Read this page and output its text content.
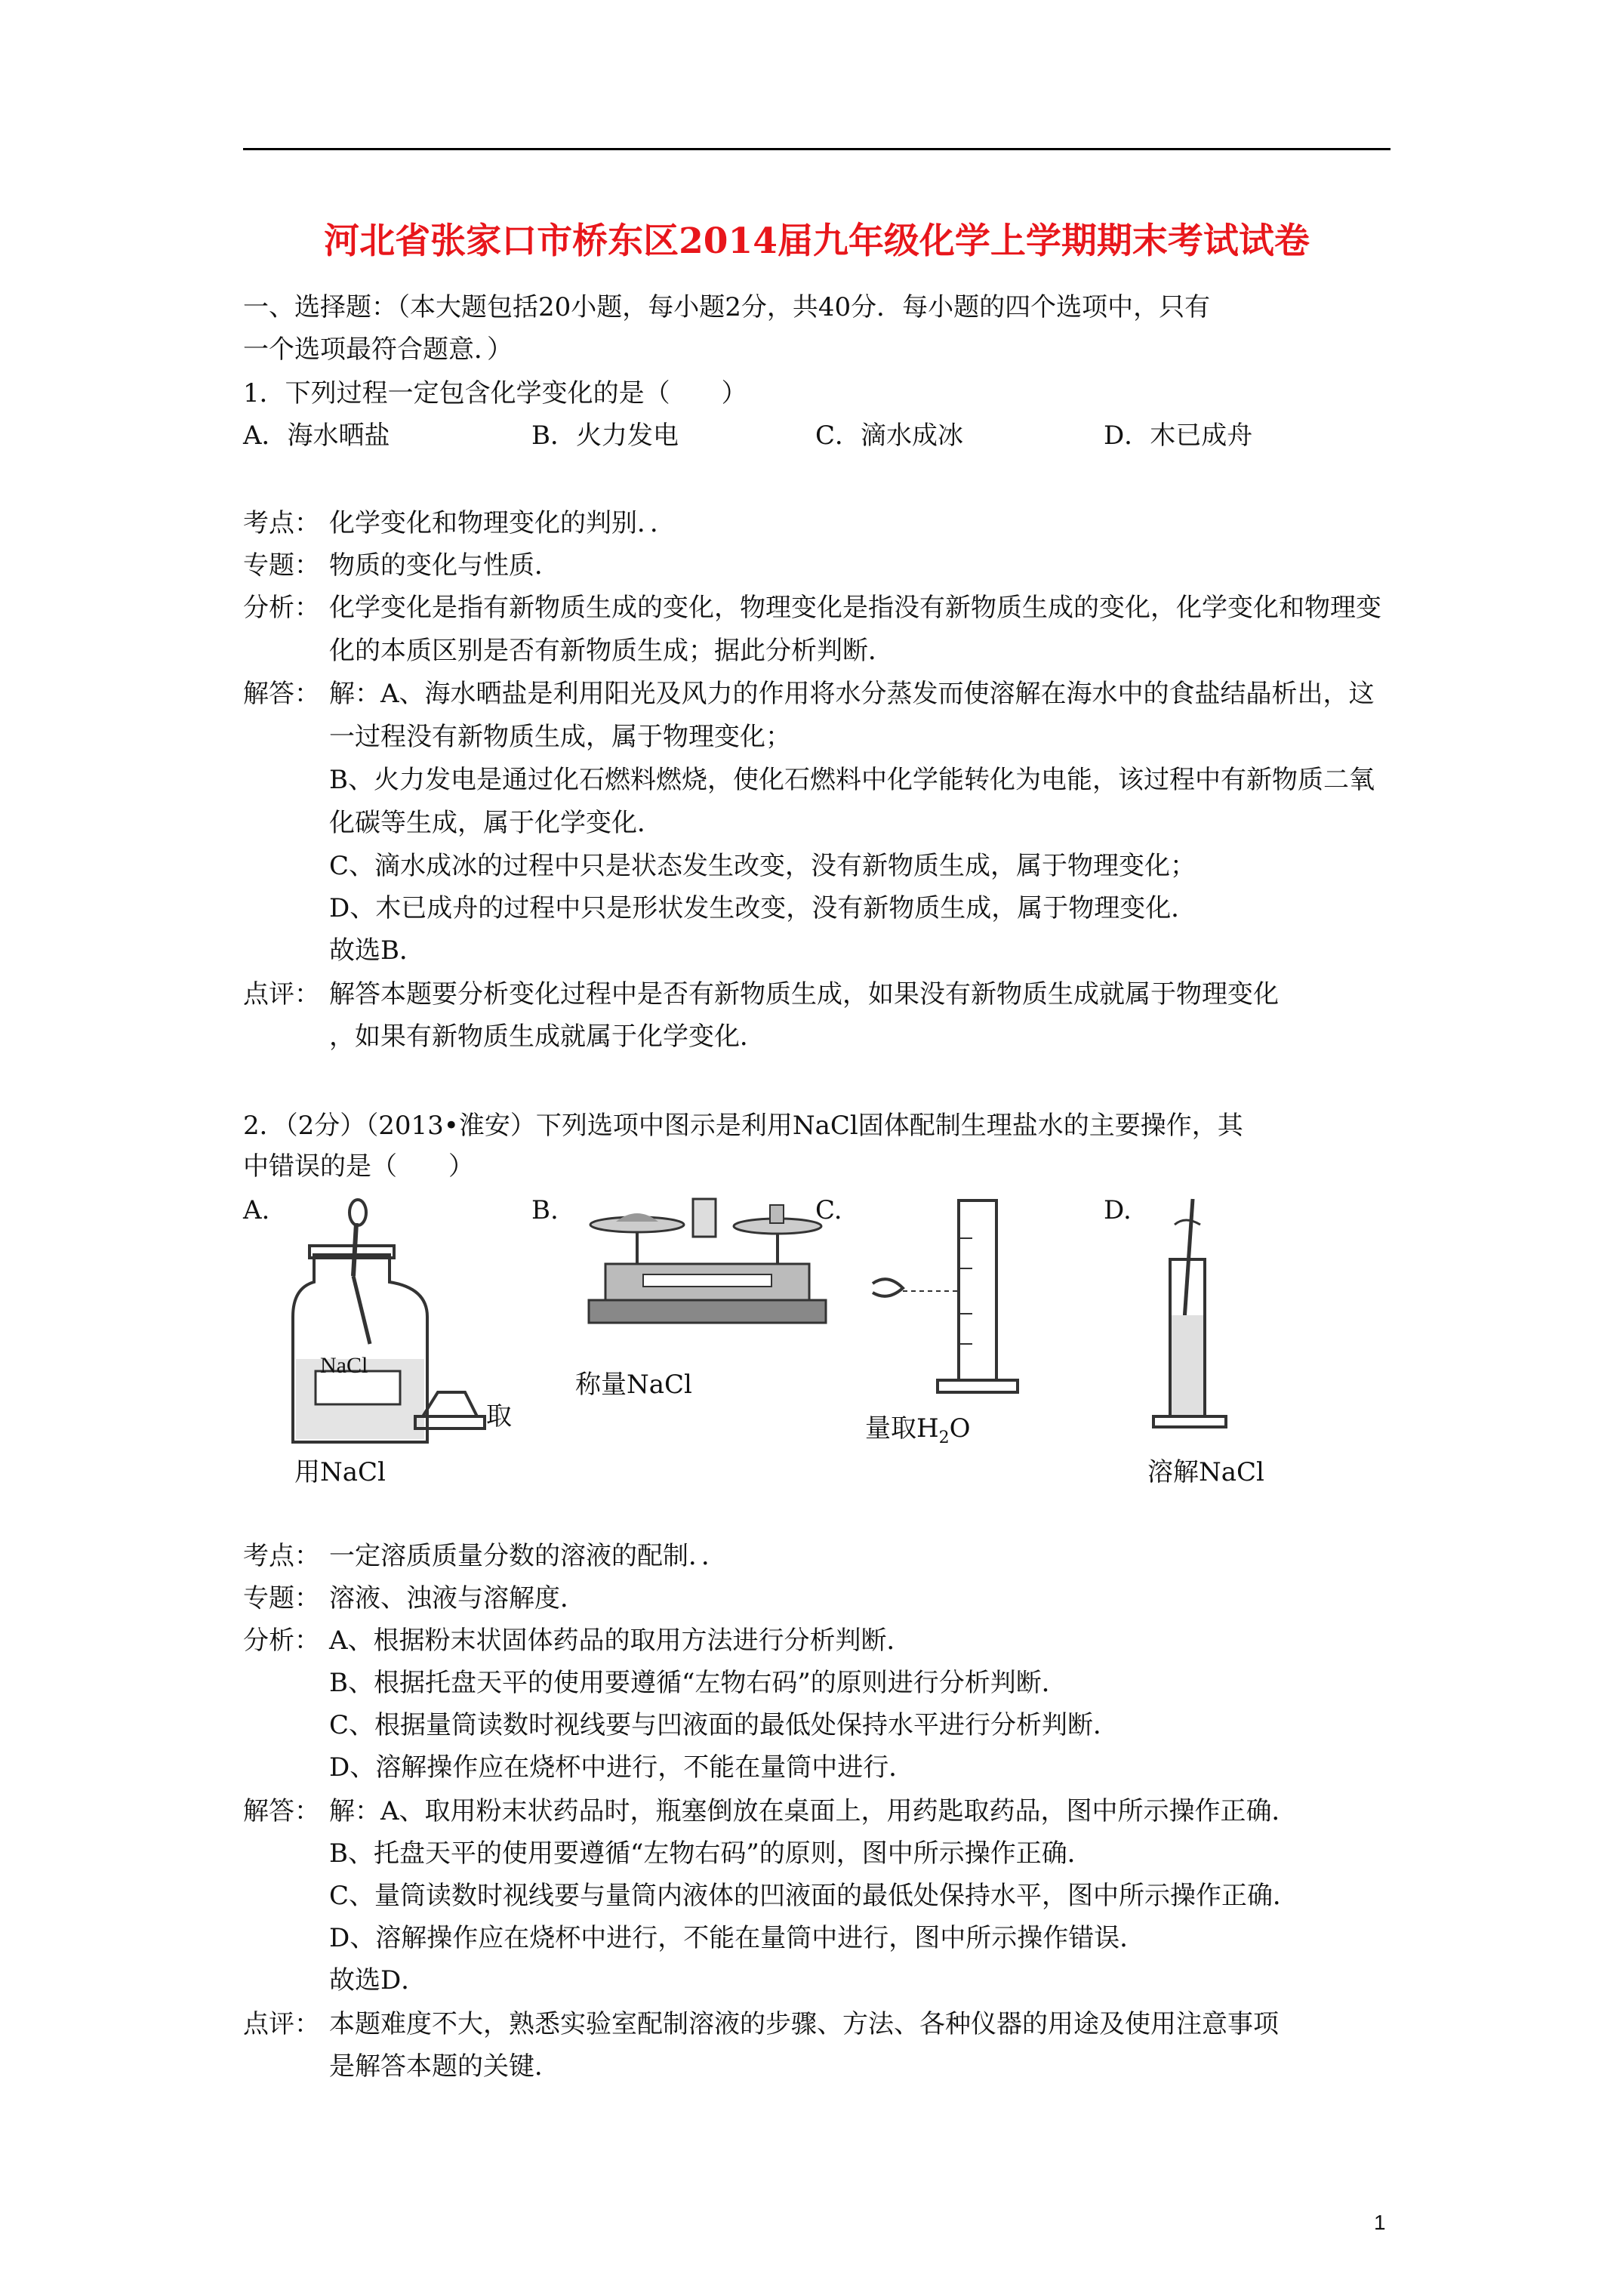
河北省张家口市桥东区2014届九年级化学上学期期末考试试卷
一、选择题：（本大题包括20小题，每小题2分，共40分．每小题的四个选项中，只有
一个选项最符合题意．）
1．下列过程一定包含化学变化的是（　　）
A．海水晒盐	B．火力发电	C．滴水成冰	D．木已成舟
考点： 化学变化和物理变化的判别．．
专题： 物质的变化与性质．
分析： 化学变化是指有新物质生成的变化，物理变化是指没有新物质生成的变化，化学变化和物理变化的本质区别是否有新物质生成；据此分析判断．
解答： 解：A、海水晒盐是利用阳光及风力的作用将水分蒸发而使溶解在海水中的食盐结晶析出，这一过程没有新物质生成，属于物理变化；
B、火力发电是通过化石燃料燃烧，使化石燃料中化学能转化为电能，该过程中有新物质二氧化碳等生成，属于化学变化．
C、滴水成冰的过程中只是状态发生改变，没有新物质生成，属于物理变化；
D、木已成舟的过程中只是形状发生改变，没有新物质生成，属于物理变化．
故选B．
点评： 解答本题要分析变化过程中是否有新物质生成，如果没有新物质生成就属于物理变化
，如果有新物质生成就属于化学变化．
2．（2分）（2013•淮安）下列选项中图示是利用NaCl固体配制生理盐水的主要操作，其
中错误的是（　　）
A.	B.	C.	D.
NaCl
取
用NaCl
称量NaCl
量取$H_2O$
溶解NaCl
考点： 一定溶质质量分数的溶液的配制．．
专题： 溶液、浊液与溶解度．
分析： A、根据粉末状固体药品的取用方法进行分析判断．
B、根据托盘天平的使用要遵循“左物右码”的原则进行分析判断．
C、根据量筒读数时视线要与凹液面的最低处保持水平进行分析判断．
D、溶解操作应在烧杯中进行，不能在量筒中进行．
解答： 解：A、取用粉末状药品时，瓶塞倒放在桌面上，用药匙取药品，图中所示操作正确．
B、托盘天平的使用要遵循“左物右码”的原则，图中所示操作正确．
C、量筒读数时视线要与量筒内液体的凹液面的最低处保持水平，图中所示操作正确．
D、溶解操作应在烧杯中进行，不能在量筒中进行，图中所示操作错误．
故选D．
点评： 本题难度不大，熟悉实验室配制溶液的步骤、方法、各种仪器的用途及使用注意事项
是解答本题的关键．
1
